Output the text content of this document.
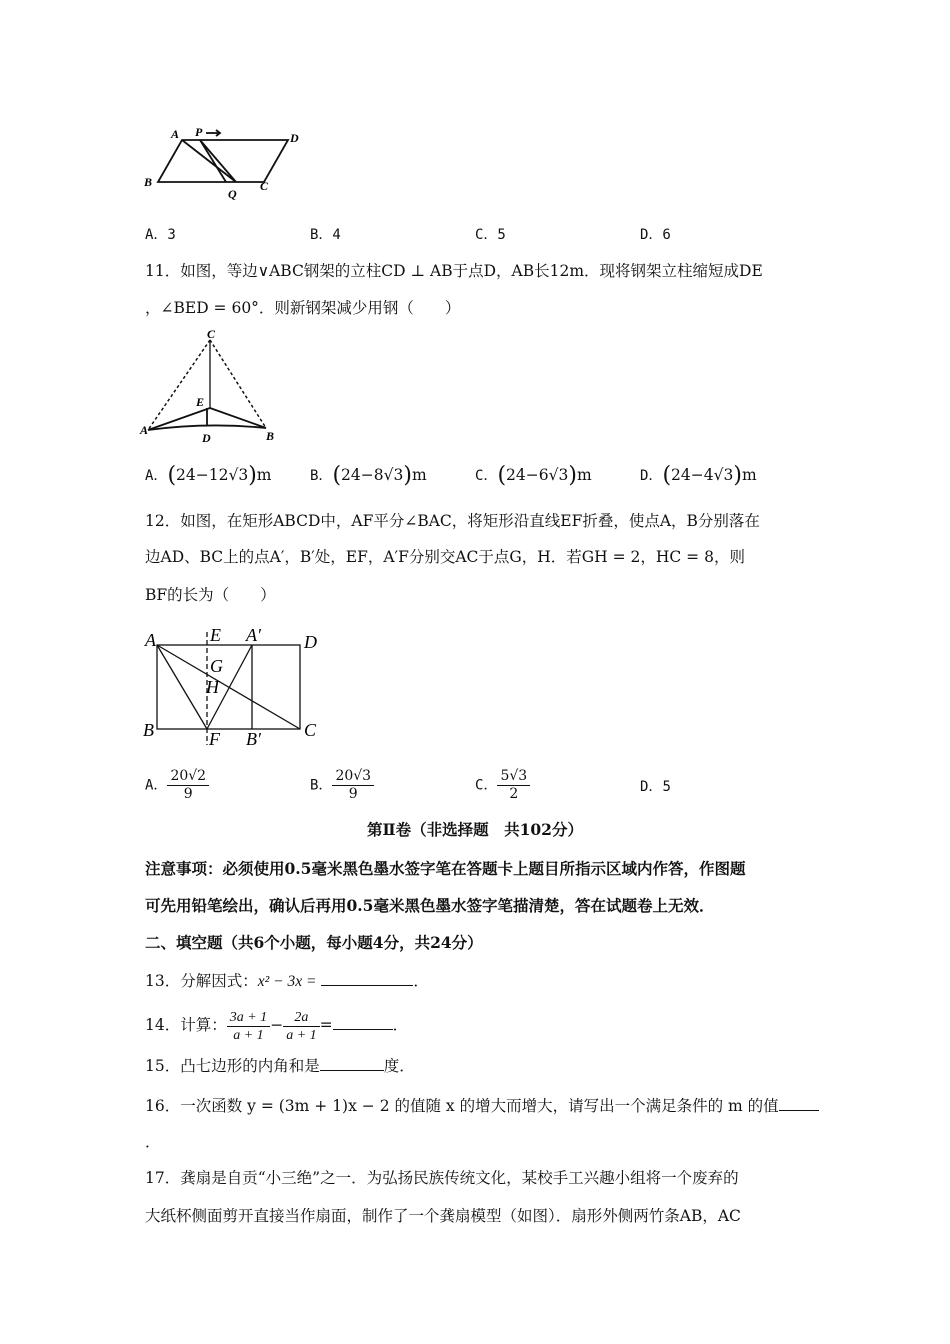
A P	D
B
Q
C
A．3	B．4	C．5	D．6
11．如图，等边∨ABC钢架的立柱CD ⊥ AB于点D，AB长12m．现将钢架立柱缩短成DE
，∠BED = 60°．则新钢架减少用钢（　　）
C
E
A
D	B
A．(24−12√3)m	B．(24−8√3)m	C．(24−6√3)m	D．(24−4√3)m
12．如图，在矩形ABCD中，AF平分∠BAC，将矩形沿直线EF折叠，使点A，B分别落在
边AD、BC上的点A′，B′处，EF，A′F分别交AC于点G，H．若GH = 2，HC = 8，则
BF的长为（　　）
A	E A′ D
G
H
B	F B′ C
A． $\frac{20√2}{9}$	B． $\frac{20√3}{9}$	C． $\frac{5√3}{2}$	D．5
第Ⅱ卷（非选择题　共102分）
注意事项：必须使用0.5毫米黑色墨水签字笔在答题卡上题目所指示区域内作答，作图题
可先用铅笔绘出，确认后再用0.5毫米黑色墨水签字笔描清楚，答在试题卷上无效．
二、填空题（共6个小题，每小题4分，共24分）
13．分解因式：x² − 3x =	．
14．计算： $\frac{3a + 1}{a + 1} - \frac{2a}{a + 1}$ =	．
15．凸七边形的内角和是	度．
16．一次函数 y = (3m + 1)x − 2 的值随 x 的增大而增大，请写出一个满足条件的 m 的值
．
17．龚扇是自贡“小三绝”之一．为弘扬民族传统文化，某校手工兴趣小组将一个废弃的
大纸杯侧面剪开直接当作扇面，制作了一个龚扇模型（如图）．扇形外侧两竹条AB，AC
